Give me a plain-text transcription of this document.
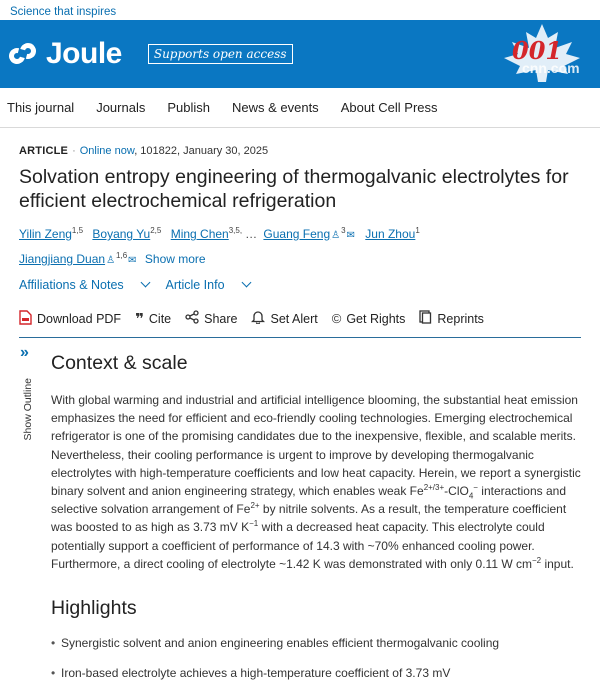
Science that inspires
Joule	Supports open access	001
cnn.com
This journal Journals Publish News & events About Cell Press
ARTICLE · Online now, 101822, January 30, 2025
Solvation entropy engineering of thermogalvanic electrolytes for efficient electrochemical refrigeration
Yilin Zeng$^{1,5}$ Boyang Yu$^{2,5}$ Ming Chen$^{3,5,}$ … Guang Feng♙$^3$✉ Jun Zhou$^1$
Jiangjiang Duan♙$^{1,6}$✉ Show more
Affiliations & Notes	Article Info
Download PDF ❞ Cite	Share	Set Alert © Get Rights	Reprints
»
Show Outline
Context & scale

With global warming and industrial and artificial intelligence blooming, the substantial heat emission emphasizes the need for efficient and eco-friendly cooling technologies. Emerging electrochemical refrigerator is one of the promising candidates due to the inexpensive, flexible, and scalable merits. Nevertheless, their cooling performance is urgent to improve by developing thermogalvanic electrolytes with high-temperature coefficients and low heat capacity. Herein, we report a synergistic binary solvent and anion engineering strategy, which enables weak $Fe^{2+/3+}-ClO_4^-$ interactions and selective solvation arrangement of $Fe^{2+}$ by nitrile solvents. As a result, the temperature coefficient was boosted to as high as 3.73 mV $K^{-1}$ with a decreased heat capacity. This electrolyte could potentially support a coefficient of performance of 14.3 with ~70% enhanced cooling power. Furthermore, a direct cooling of electrolyte ~1.42 K was demonstrated with only 0.11 W $cm^{-2}$ input.

Highlights
• Synergistic solvent and anion engineering enables efficient thermogalvanic cooling
• Iron-based electrolyte achieves a high-temperature coefficient of 3.73 mV
